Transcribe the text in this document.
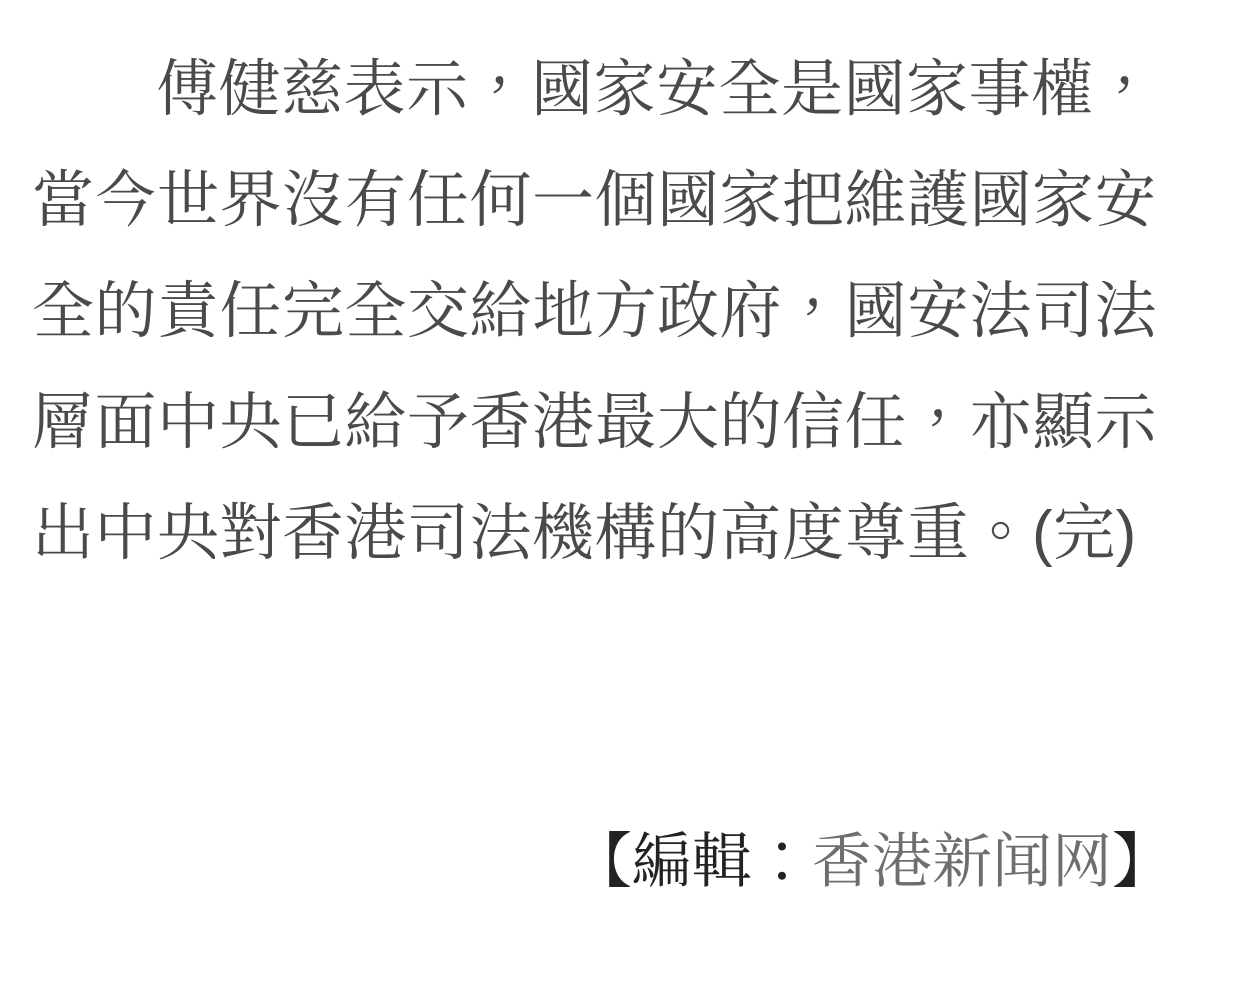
傅健慈表示，國家安全是國家事權，當今世界沒有任何一個國家把維護國家安全的責任完全交給地方政府，國安法司法層面中央已給予香港最大的信任，亦顯示出中央對香港司法機構的高度尊重。(完)

【編輯：香港新闻网】
